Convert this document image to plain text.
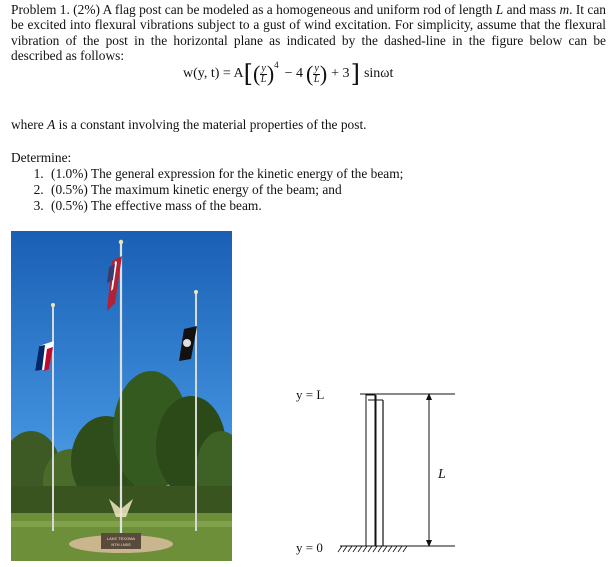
Problem 1. (2%) A flag post can be modeled as a homogeneous and uniform rod of length L and mass m. It can be excited into flexural vibrations subject to a gust of wind excitation. For simplicity, assume that the flexural vibration of the post in the horizontal plane as indicated by the dashed-line in the figure below can be described as follows:

w(y, t) = A [ ( $\frac{y}{L} )^4$
− 4 ( $\frac{y}{L}$ ) + 3 ] sinωt
where A is a constant involving the material properties of the post.
Determine:
1. (1.0%) The general expression for the kinetic energy of the beam;
2. (0.5%) The maximum kinetic energy of the beam; and
3. (0.5%) The effective mass of the beam.
LAKE TEXOMA
NTH LN0S
y = L
y = 0
L
